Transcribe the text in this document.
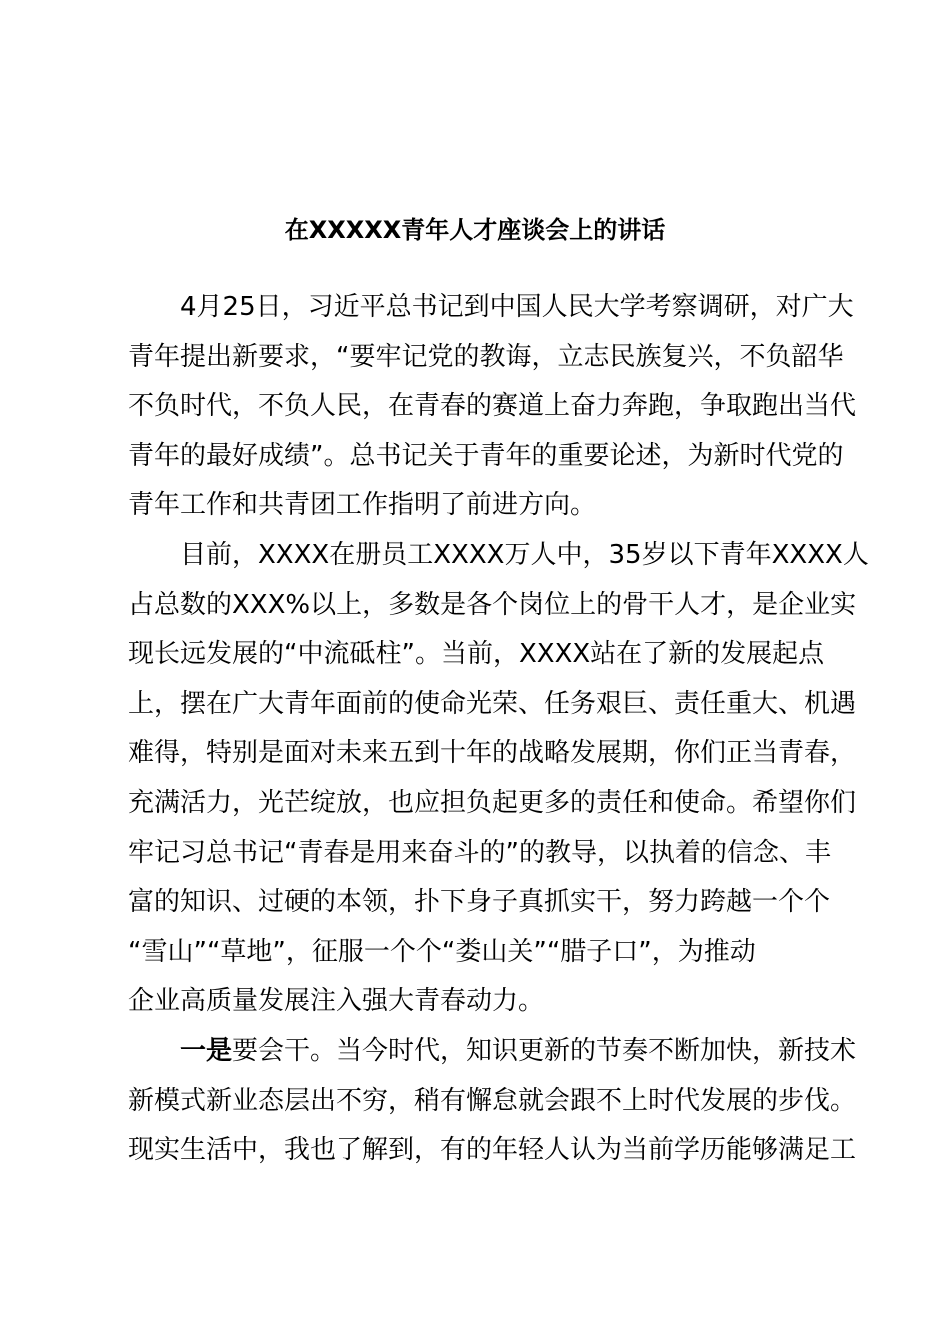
在XXXXX青年人才座谈会上的讲话
4月25日，习近平总书记到中国人民大学考察调研，对广大
青年提出新要求，“要牢记党的教诲，立志民族复兴，不负韶华
不负时代，不负人民，在青春的赛道上奋力奔跑，争取跑出当代
青年的最好成绩”。总书记关于青年的重要论述，为新时代党的
青年工作和共青团工作指明了前进方向。
目前，XXXX在册员工XXXX万人中，35岁以下青年XXXX人
占总数的XXX%以上，多数是各个岗位上的骨干人才，是企业实
现长远发展的“中流砥柱”。当前，XXXX站在了新的发展起点
上，摆在广大青年面前的使命光荣、任务艰巨、责任重大、机遇
难得，特别是面对未来五到十年的战略发展期，你们正当青春，
充满活力，光芒绽放，也应担负起更多的责任和使命。希望你们
牢记习总书记“青春是用来奋斗的”的教导，以执着的信念、丰
富的知识、过硬的本领，扑下身子真抓实干，努力跨越一个个
“雪山”“草地”，征服一个个“娄山关”“腊子口”，为推动
企业高质量发展注入强大青春动力。
一是要会干。当今时代，知识更新的节奏不断加快，新技术
新模式新业态层出不穷，稍有懈怠就会跟不上时代发展的步伐。
现实生活中，我也了解到，有的年轻人认为当前学历能够满足工
